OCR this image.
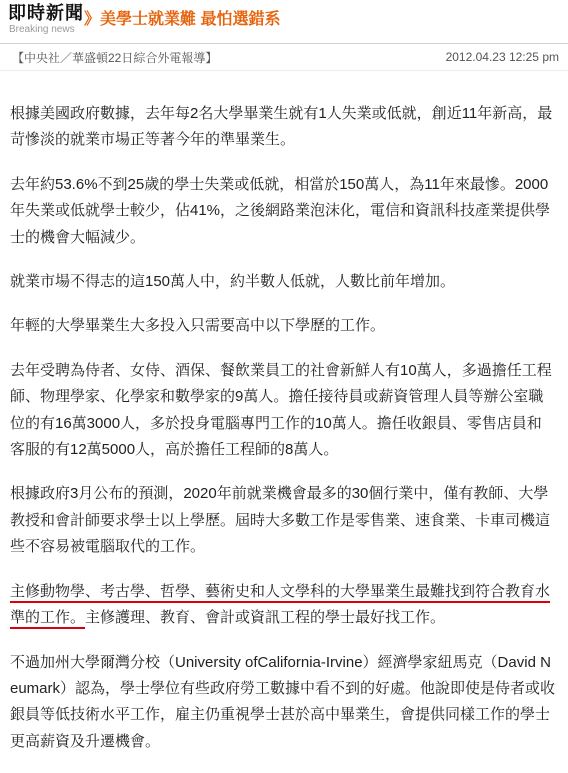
即時新聞
Breaking news
》 美學士就業難 最怕選錯系
【中央社／華盛頓22日綜合外電報導】	2012.04.23 12:25 pm

根據美國政府數據，去年每2名大學畢業生就有1人失業或低就，創近11年新高，最苛慘淡的就業市場正等著今年的準畢業生。

去年約53.6%不到25歲的學士失業或低就，相當於150萬人，為11年來最慘。2000年失業或低就學士較少，佔41%，之後網路業泡沫化，電信和資訊科技產業提供學士的機會大幅減少。

就業市場不得志的這150萬人中，約半數人低就，人數比前年增加。

年輕的大學畢業生大多投入只需要高中以下學歷的工作。

去年受聘為侍者、女侍、酒保、餐飲業員工的社會新鮮人有10萬人，多過擔任工程師、物理學家、化學家和數學家的9萬人。擔任接待員或薪資管理人員等辦公室職位的有16萬3000人，多於投身電腦專門工作的10萬人。擔任收銀員、零售店員和客服的有12萬5000人，高於擔任工程師的8萬人。

根據政府3月公布的預測，2020年前就業機會最多的30個行業中，僅有教師、大學教授和會計師要求學士以上學歷。屆時大多數工作是零售業、速食業、卡車司機這些不容易被電腦取代的工作。

主修動物學、考古學、哲學、藝術史和人文學科的大學畢業生最難找到符合教育水準的工作。主修護理、教育、會計或資訊工程的學士最好找工作。

不過加州大學爾灣分校（University ofCalifornia-Irvine）經濟學家紐馬克（David Neumark）認為，學士學位有些政府勞工數據中看不到的好處。他說即使是侍者或收銀員等低技術水平工作，雇主仍重視學士甚於高中畢業生，會提供同樣工作的學士更高薪資及升遷機會。
